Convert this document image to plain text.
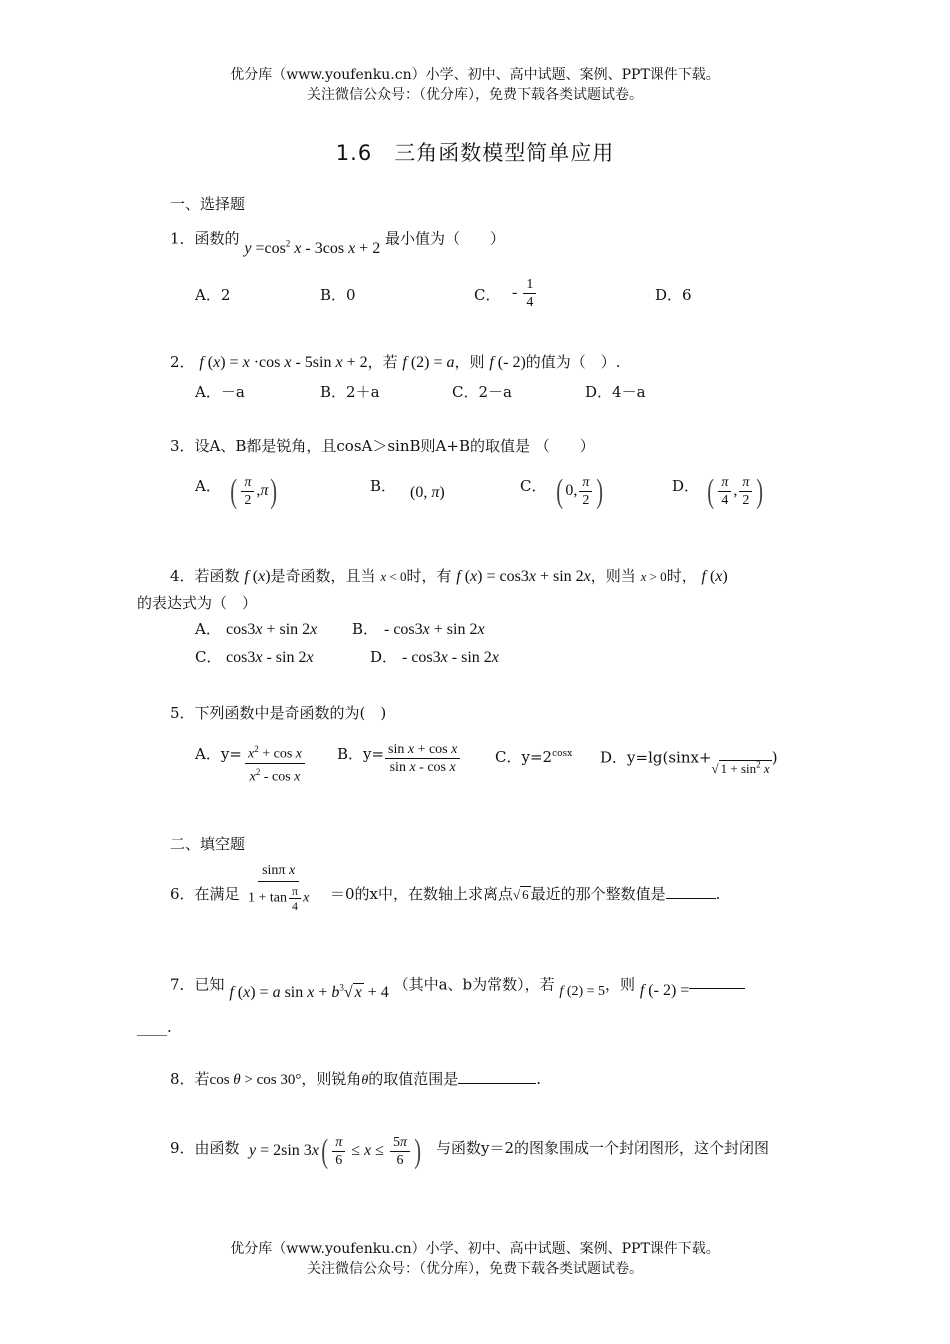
优分库（www.youfenku.cn）小学、初中、高中试题、案例、PPT课件下载。
关注微信公众号：（优分库），免费下载各类试题试卷。
1.6　三角函数模型简单应用
一、选择题
1．函数的 $y =\cos^2$ x - 3cos x + 2 最小值为（　　）
A．2	B．0	C． - $\frac{1}{4}$	D．6
2． f (x) = x ·cos x - 5sin x + 2，若 f (2) = a，则 f (- 2)的值为（　）.
A．－a	B．2＋a	C．2－a	D．4－a
3．设A、B都是锐角，且cosA＞sinB则A+B的取值是 （　　）
A． ( $\frac{\pi}{2} ,\pi$)	B． (0, π)	C． ( 0, $\frac{\pi}{2}$ )	D． ( $\frac{\pi}{4}$ , $\frac{\pi}{2}$ )
4．若函数 f (x)是奇函数，且当 x < 0时，有 f (x) = cos3x + sin 2x，则当 x > 0时， f (x)
的表达式为（　）
A． cos3x + sin 2x B． - cos3x + sin 2x
C． cos3x - sin 2x	D． - cos3x - sin 2x
5．下列函数中是奇函数的为(　)
A．$y= \frac{x^2 + \cos x}{x^2 - \cos x}$ B．$y= \frac{\text{sin x + cos x}}{\text{sin x - cos x}}$ C．$y=2^{cosx}$ D．y=lg(sinx+√ $1 + \sin^2 x$)
二、填空题
6．在满足 $\frac{\text{sinπ x}}{1 + \tan \frac{\pi}{4} x} =0$的x中，在数轴上求离点√ 6 最近的那个整数值是	.
7．已知 f (x) = a $\sin x + b^3√$ x + 4 （其中a、b为常数），若 f (2) = 5，则 f (- 2) =
____.
8．若cos θ > cos 30°，则锐角θ的取值范围是	.
9．由函数 y = 2sin $3x( \frac{\pi}{6} \le x \le \frac{5\pi}{6}$ ) 与函数y＝2的图象围成一个封闭图形，这个封闭图
优分库（www.youfenku.cn）小学、初中、高中试题、案例、PPT课件下载。
关注微信公众号：（优分库），免费下载各类试题试卷。
